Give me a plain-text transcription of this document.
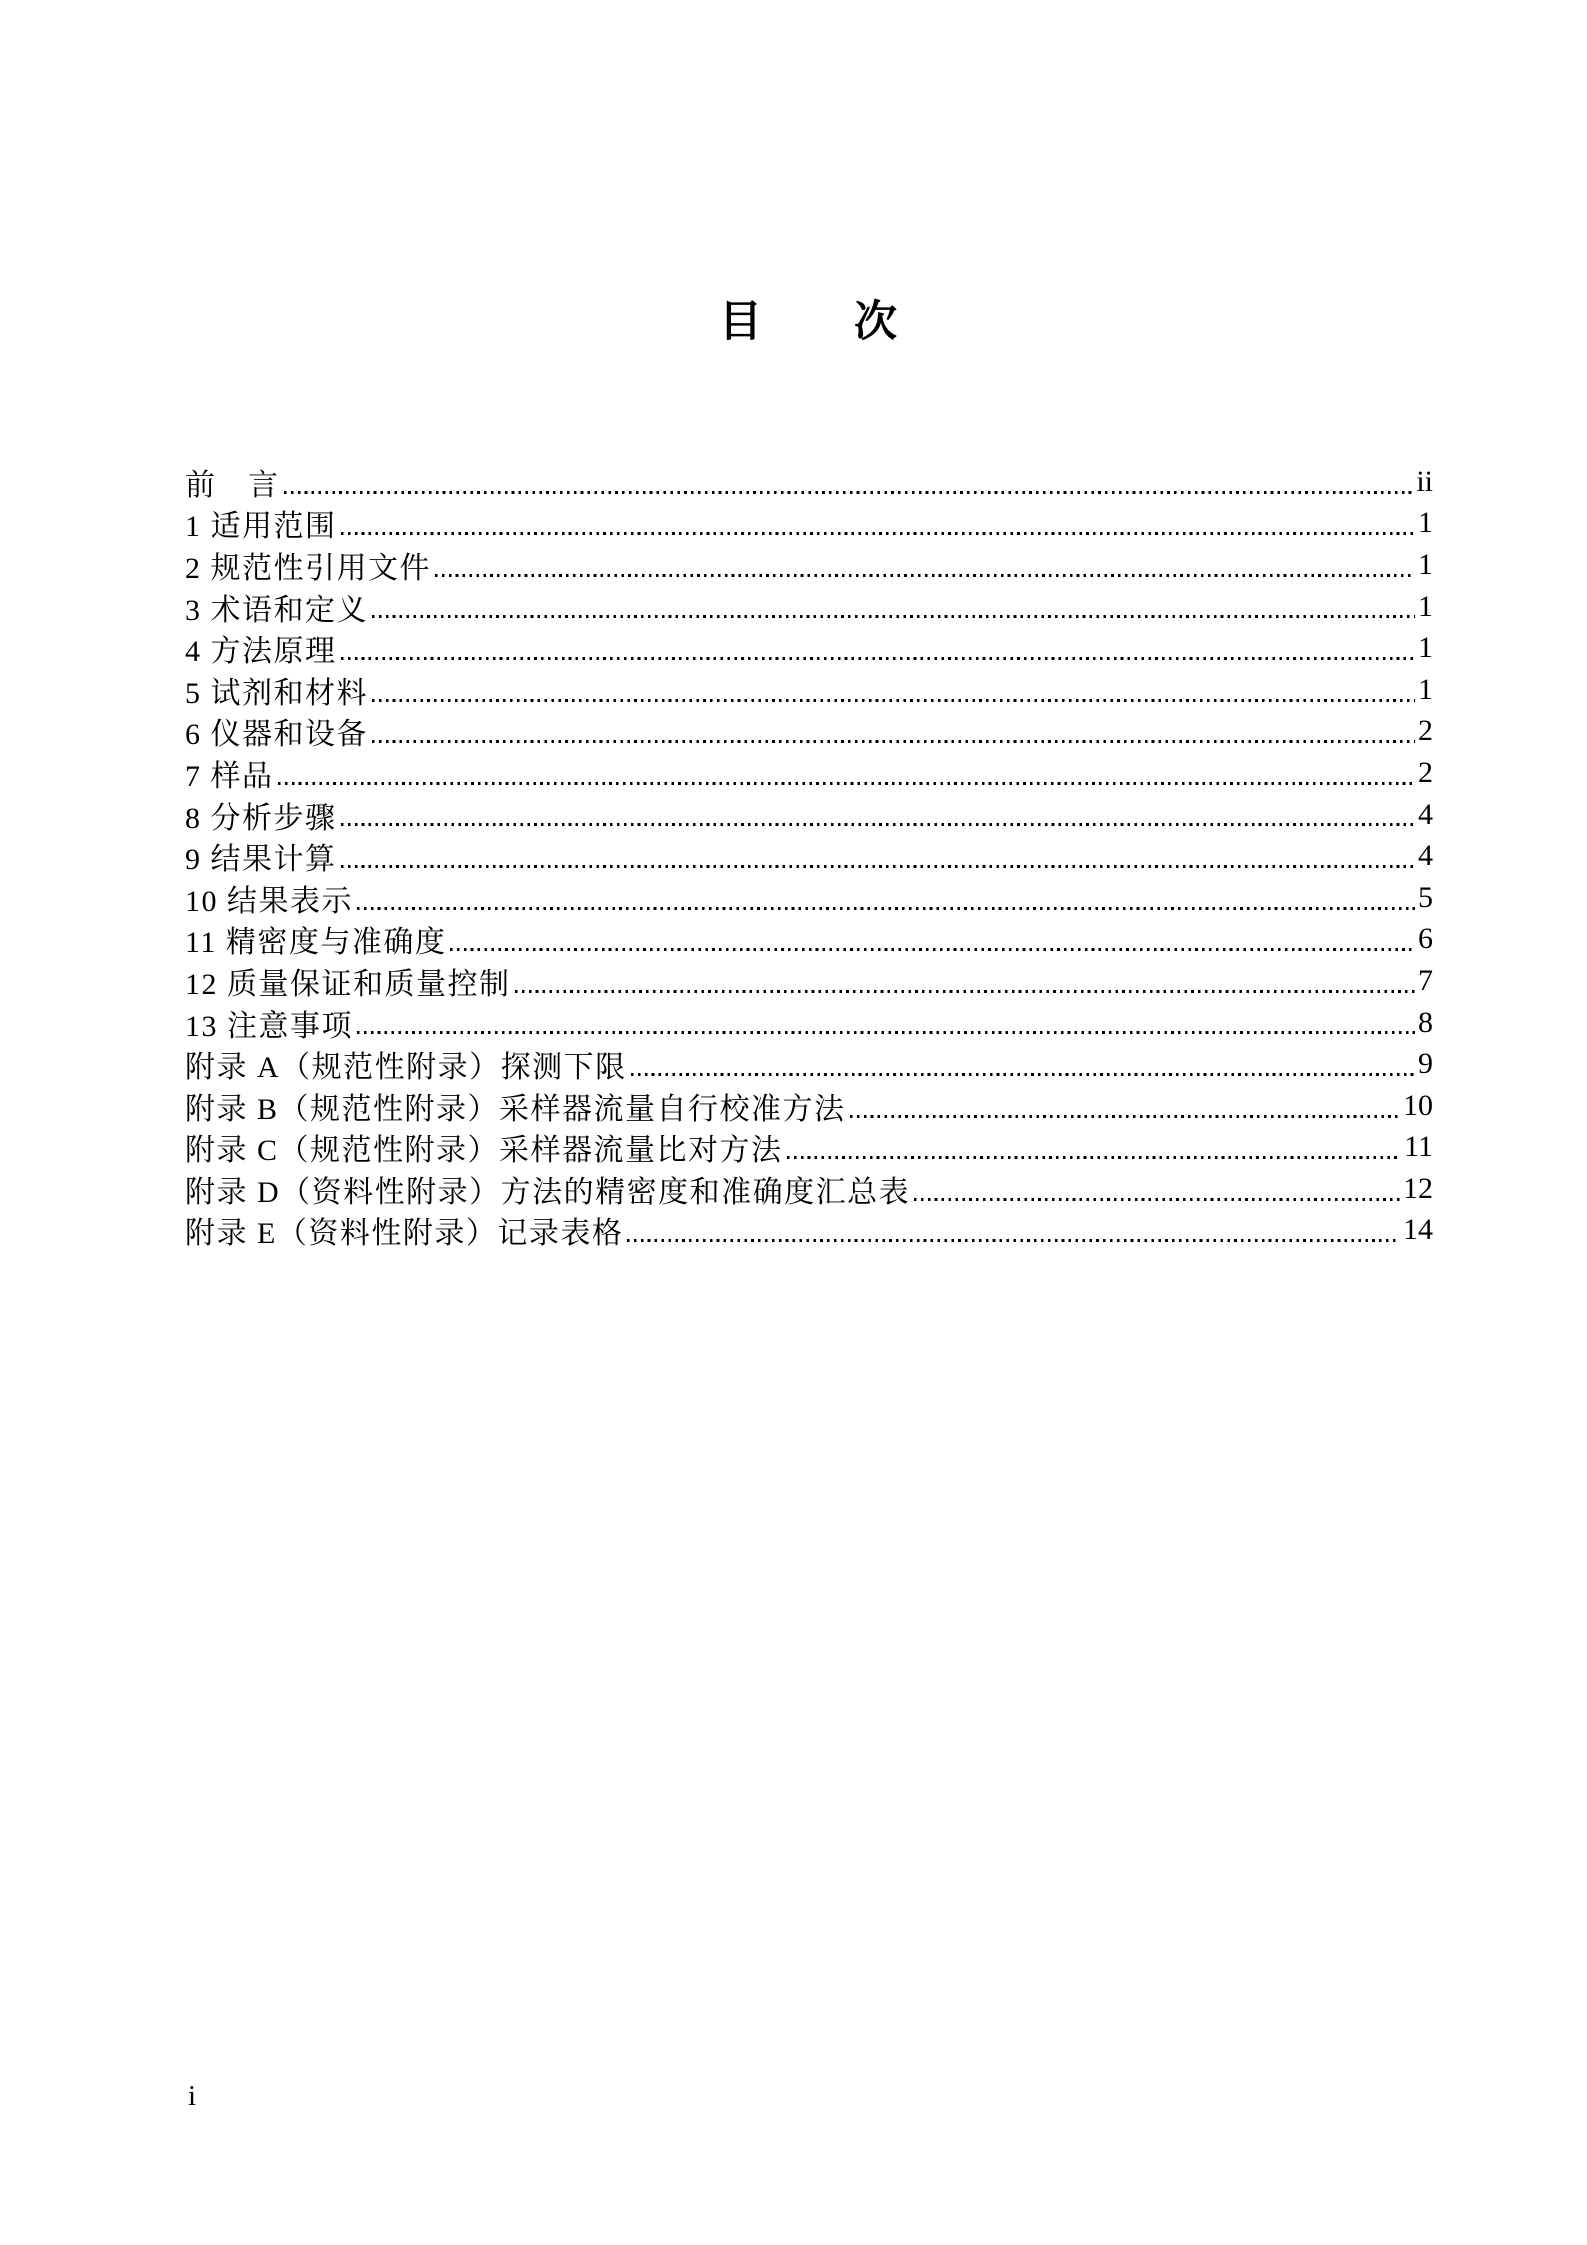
目　　次
前　言	ii
1 适用范围	1
2 规范性引用文件	1
3 术语和定义	1
4 方法原理	1
5 试剂和材料	1
6 仪器和设备	2
7 样品	2
8 分析步骤	4
9 结果计算	4
10 结果表示	5
11 精密度与准确度	6
12 质量保证和质量控制	7
13 注意事项	8
附录 A（规范性附录）探测下限	9
附录 B（规范性附录）采样器流量自行校准方法	10
附录 C（规范性附录）采样器流量比对方法	11
附录 D（资料性附录）方法的精密度和准确度汇总表	12
附录 E（资料性附录）记录表格	14
i
